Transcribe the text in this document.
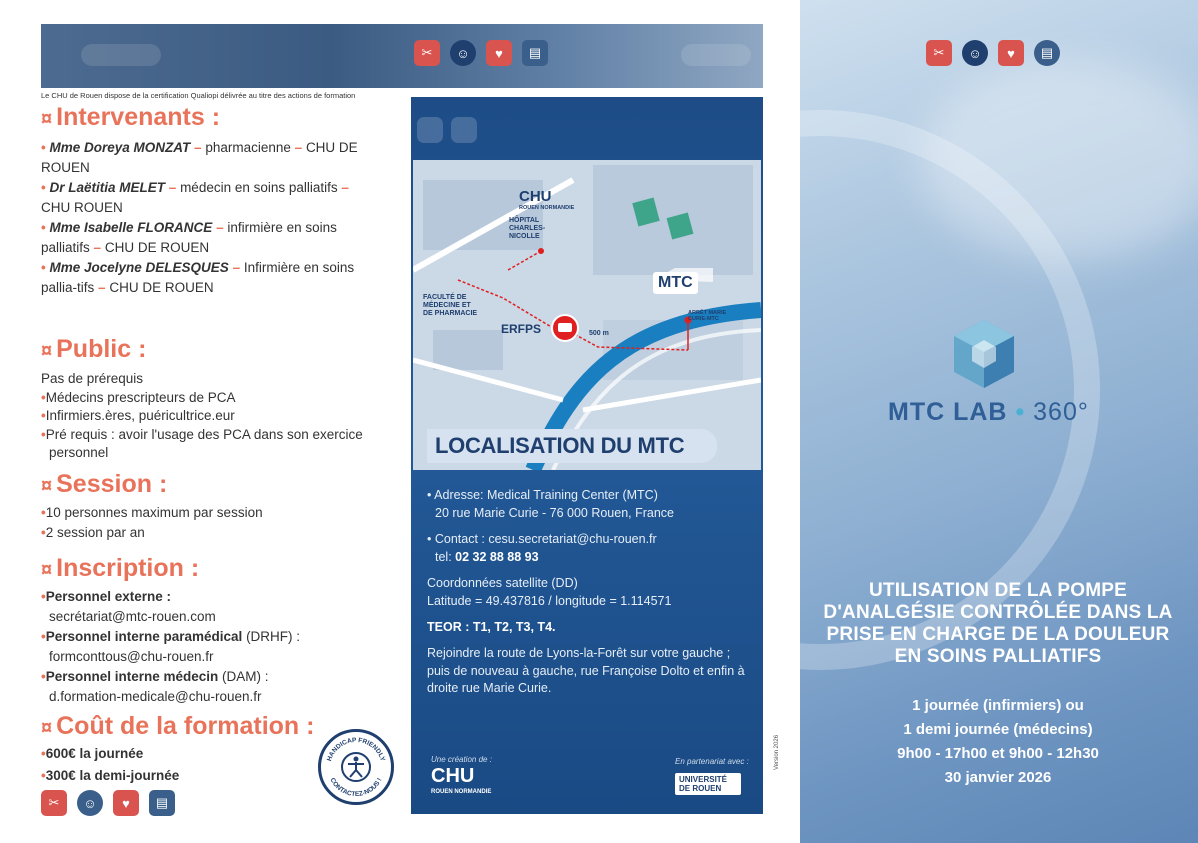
✂	☺	♥	▤
Le CHU de Rouen dispose de la certification Qualiopi délivrée au titre des actions de formation
¤ Intervenants :
• Mme Doreya MONZAT – pharmacienne – CHU DE ROUEN
• Dr Laëtitia MELET – médecin en soins palliatifs – CHU ROUEN
• Mme Isabelle FLORANCE – infirmière en soins palliatifs – CHU DE ROUEN
• Mme Jocelyne DELESQUES – Infirmière en soins pallia-tifs – CHU DE ROUEN
¤ Public :
Pas de prérequis
•Médecins prescripteurs de PCA
•Infirmiers.ères, puéricultrice.eur
•Pré requis : avoir l'usage des PCA dans son exercice personnel
¤ Session :
•10 personnes maximum par session
•2 session par an
¤ Inscription :
•Personnel externe :
secrétariat@mtc-rouen.com
•Personnel interne paramédical (DRHF) :
formconttous@chu-rouen.fr
•Personnel interne médecin (DAM) :
d.formation-medicale@chu-rouen.fr
¤ Coût de la formation :
•600€ la journée
•300€ la demi-journée
✂	☺	♥	▤
HANDICAP FRIENDLY
CONTACTEZ-NOUS !
CHU
ROUEN NORMANDIE
HÔPITAL CHARLES-NICOLLE
MTC
FACULTÉ DE MÉDECINE ET DE PHARMACIE
ERFPS	500 m
ARRÊT MARIE CURIE-MTC
LOCALISATION DU MTC
• Adresse: Medical Training Center (MTC)
20 rue Marie Curie - 76 000 Rouen, France
• Contact : cesu.secretariat@chu-rouen.fr
tel: 02 32 88 88 93
Coordonnées satellite (DD)
Latitude = 49.437816 / longitude = 1.114571
TEOR : T1, T2, T3, T4.
Rejoindre la route de Lyons-la-Forêt sur votre gauche ; puis de nouveau à gauche, rue Françoise Dolto et enfin à droite rue Marie Curie.
Une création de :
CHU
ROUEN NORMANDIE
En partenariat avec :
UNIVERSITÉ
DE ROUEN
Version 2026
✂	☺	♥	▤
MTC LAB • 360°
UTILISATION DE LA POMPE D'ANALGÉSIE CONTRÔLÉE DANS LA PRISE EN CHARGE DE LA DOULEUR EN SOINS PALLIATIFS
1 journée (infirmiers) ou
1 demi journée (médecins)
9h00 - 17h00 et 9h00 - 12h30
30 janvier 2026
